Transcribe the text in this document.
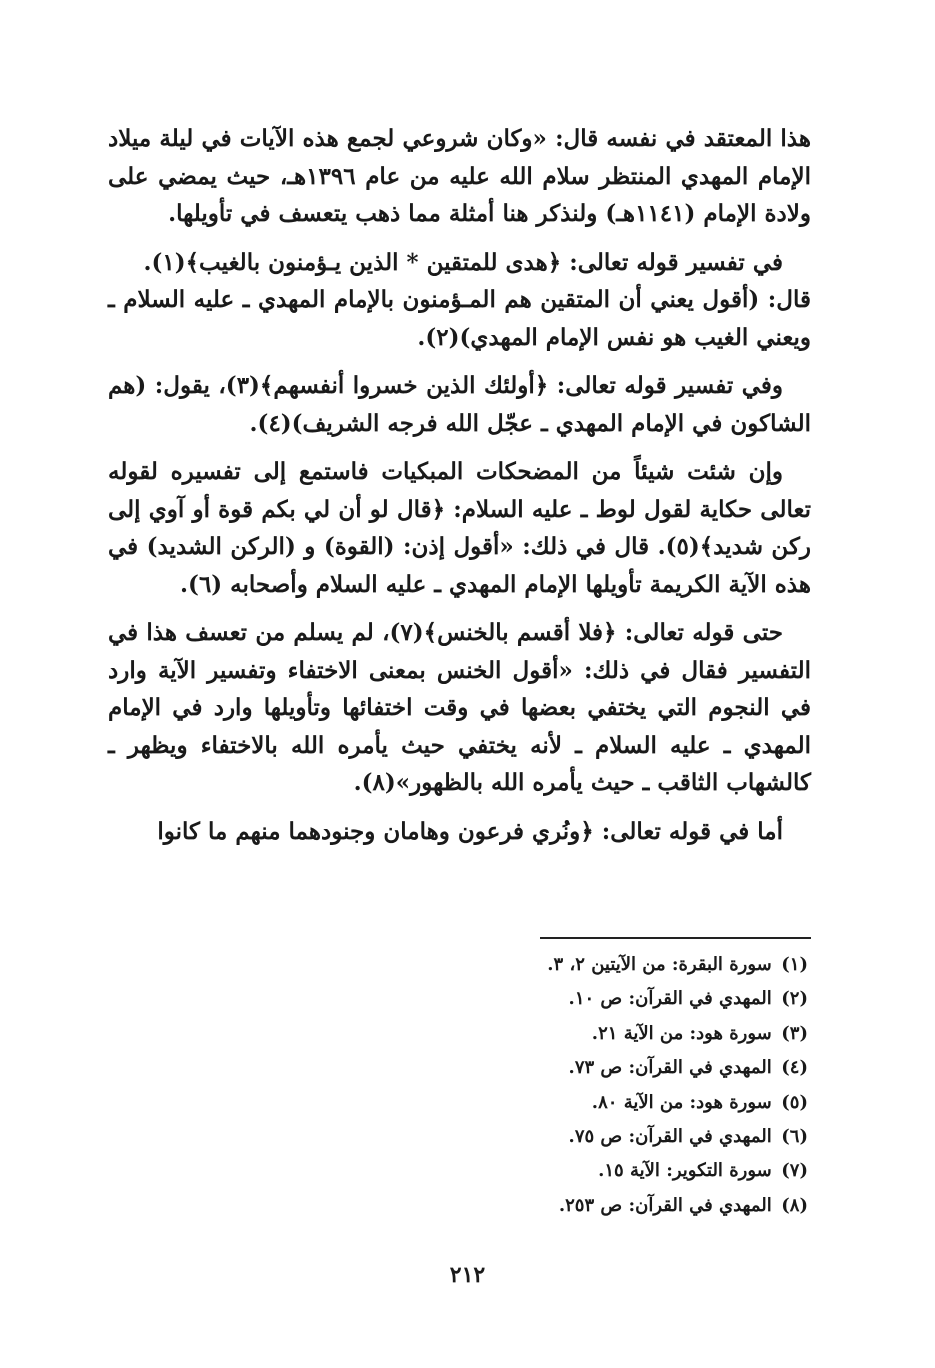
هذا المعتقد في نفسه قال: «وكان شروعي لجمع هذه الآيات في ليلة ميلاد الإمام المهدي المنتظر سلام الله عليه من عام ١٣٩٦هـ، حيث يمضي على ولادة الإمام (١١٤١هـ) ولنذكر هنا أمثلة مما ذهب يتعسف في تأويلها.

في تفسير قوله تعالى: ﴿هدى للمتقين * الذين يـؤمنون بالغيب﴾(١).

قال: (أقول يعني أن المتقين هم المـؤمنون بالإمام المهدي ـ عليه السلام ـ ويعني الغيب هو نفس الإمام المهدي)(٢).

وفي تفسير قوله تعالى: ﴿أولئك الذين خسروا أنفسهم﴾(٣)، يقول: (هم الشاكون في الإمام المهدي ـ عجّل الله فرجه الشريف)(٤).

وإن شئت شيئاً من المضحكات المبكيات فاستمع إلى تفسيره لقوله تعالى حكاية لقول لوط ـ عليه السلام: ﴿قال لو أن لي بكم قوة أو آوي إلى ركن شديد﴾(٥). قال في ذلك: «أقول إذن: (القوة) و (الركن الشديد) في هذه الآية الكريمة تأويلها الإمام المهدي ـ عليه السلام وأصحابه (٦).

حتى قوله تعالى: ﴿فلا أقسم بالخنس﴾(٧)، لم يسلم من تعسف هذا في التفسير فقال في ذلك: «أقول الخنس بمعنى الاختفاء وتفسير الآية وارد في النجوم التي يختفي بعضها في وقت اختفائها وتأويلها وارد في الإمام المهدي ـ عليه السلام ـ لأنه يختفي حيث يأمره الله بالاختفاء ويظهر ـ كالشهاب الثاقب ـ حيث يأمره الله بالظهور»(٨).

أما في قوله تعالى: ﴿ونُري فرعون وهامان وجنودهما منهم ما كانوا

(١) سورة البقرة: من الآيتين ٢، ٣.
(٢) المهدي في القرآن: ص ١٠.
(٣) سورة هود: من الآية ٢١.
(٤) المهدي في القرآن: ص ٧٣.
(٥) سورة هود: من الآية ٨٠.
(٦) المهدي في القرآن: ص ٧٥.
(٧) سورة التكوير: الآية ١٥.
(٨) المهدي في القرآن: ص ٢٥٣.
٢١٢
